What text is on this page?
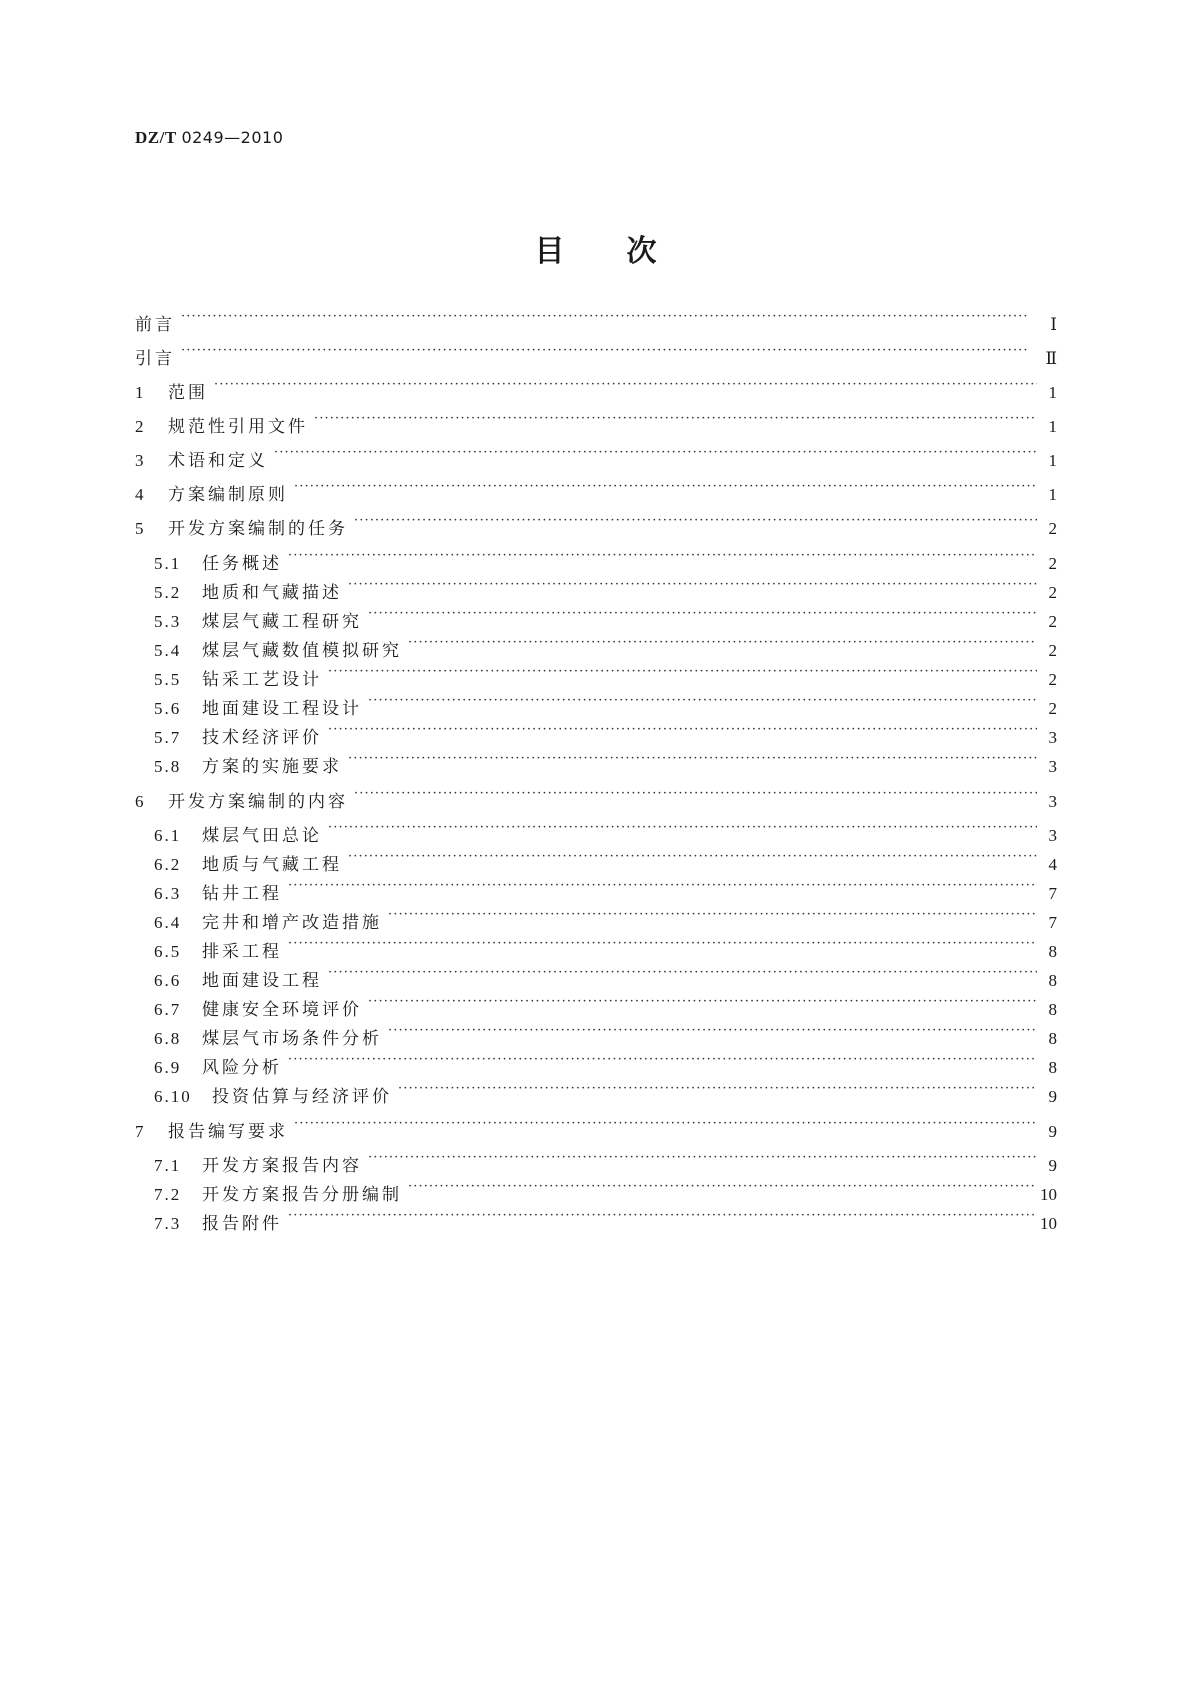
DZ/T 0249—2010
目 次
前言 ·····	Ⅰ
引言 ·····	Ⅱ
1	范围 ·····	1
2	规范性引用文件 ·····	1
3	术语和定义 ·····	1
4	方案编制原则 ·····	1
5	开发方案编制的任务 ·····	2
5.1	任务概述 ·····	2
5.2	地质和气藏描述 ·····	2
5.3	煤层气藏工程研究 ·····	2
5.4	煤层气藏数值模拟研究 ·····	2
5.5	钻采工艺设计 ·····	2
5.6	地面建设工程设计 ·····	2
5.7	技术经济评价 ·····	3
5.8	方案的实施要求 ·····	3
6	开发方案编制的内容 ·····	3
6.1	煤层气田总论 ·····	3
6.2	地质与气藏工程 ·····	4
6.3	钻井工程 ·····	7
6.4	完井和增产改造措施 ·····	7
6.5	排采工程 ·····	8
6.6	地面建设工程 ·····	8
6.7	健康安全环境评价 ·····	8
6.8	煤层气市场条件分析 ·····	8
6.9	风险分析 ·····	8
6.10	投资估算与经济评价 ·····	9
7	报告编写要求 ·····	9
7.1	开发方案报告内容 ·····	9
7.2	开发方案报告分册编制 ·····	10
7.3	报告附件 ·····	10
